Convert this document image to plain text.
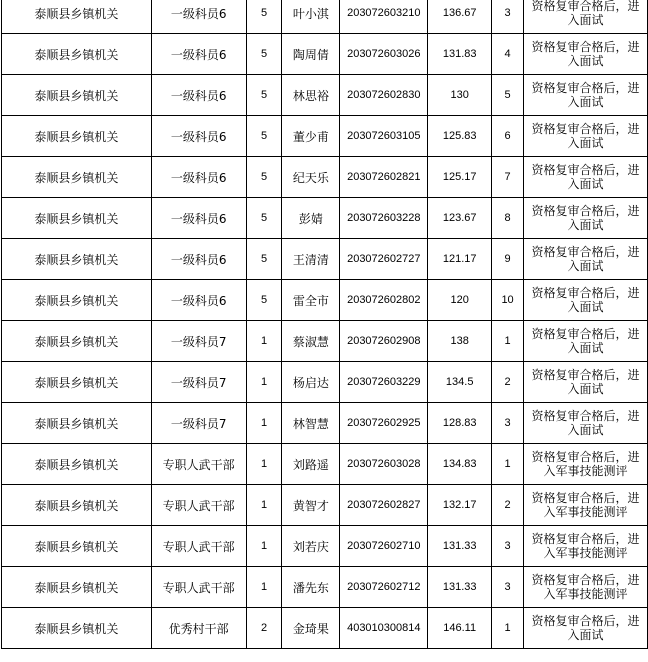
泰顺县乡镇机关	一级科员6	5	叶小淇	203072603210	136.67	3	资格复审合格后，进入面试
泰顺县乡镇机关	一级科员6	5	陶周倩	203072603026	131.83	4	资格复审合格后，进入面试
泰顺县乡镇机关	一级科员6	5	林思裕	203072602830	130	5	资格复审合格后，进入面试
泰顺县乡镇机关	一级科员6	5	董少甫	203072603105	125.83	6	资格复审合格后，进入面试
泰顺县乡镇机关	一级科员6	5	纪天乐	203072602821	125.17	7	资格复审合格后，进入面试
泰顺县乡镇机关	一级科员6	5	彭婧	203072603228	123.67	8	资格复审合格后，进入面试
泰顺县乡镇机关	一级科员6	5	王清清	203072602727	121.17	9	资格复审合格后，进入面试
泰顺县乡镇机关	一级科员6	5	雷全市	203072602802	120	10	资格复审合格后，进入面试
泰顺县乡镇机关	一级科员7	1	蔡淑慧	203072602908	138	1	资格复审合格后，进入面试
泰顺县乡镇机关	一级科员7	1	杨启达	203072603229	134.5	2	资格复审合格后，进入面试
泰顺县乡镇机关	一级科员7	1	林智慧	203072602925	128.83	3	资格复审合格后，进入面试
泰顺县乡镇机关	专职人武干部	1	刘路遥	203072603028	134.83	1	资格复审合格后，进入军事技能测评
泰顺县乡镇机关	专职人武干部	1	黄智才	203072602827	132.17	2	资格复审合格后，进入军事技能测评
泰顺县乡镇机关	专职人武干部	1	刘若庆	203072602710	131.33	3	资格复审合格后，进入军事技能测评
泰顺县乡镇机关	专职人武干部	1	潘先东	203072602712	131.33	3	资格复审合格后，进入军事技能测评
泰顺县乡镇机关	优秀村干部	2	金琦果	403010300814	146.11	1	资格复审合格后，进入面试
